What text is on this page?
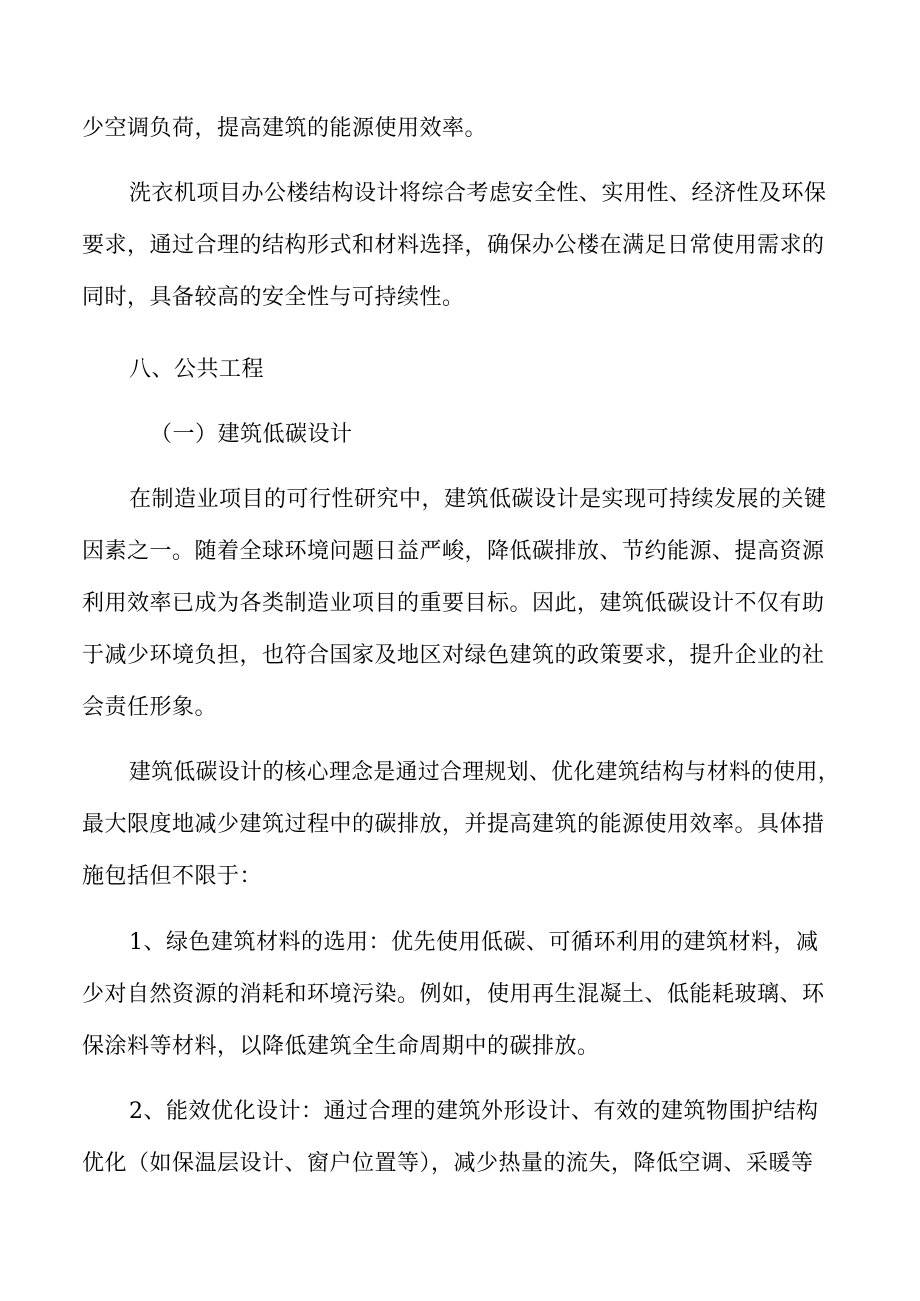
少空调负荷，提高建筑的能源使用效率。
洗衣机项目办公楼结构设计将综合考虑安全性、实用性、经济性及环保
要求，通过合理的结构形式和材料选择，确保办公楼在满足日常使用需求的
同时，具备较高的安全性与可持续性。
八、公共工程
（一）建筑低碳设计
在制造业项目的可行性研究中，建筑低碳设计是实现可持续发展的关键
因素之一。随着全球环境问题日益严峻，降低碳排放、节约能源、提高资源
利用效率已成为各类制造业项目的重要目标。因此，建筑低碳设计不仅有助
于减少环境负担，也符合国家及地区对绿色建筑的政策要求，提升企业的社
会责任形象。
建筑低碳设计的核心理念是通过合理规划、优化建筑结构与材料的使用，
最大限度地减少建筑过程中的碳排放，并提高建筑的能源使用效率。具体措
施包括但不限于：
1、绿色建筑材料的选用：优先使用低碳、可循环利用的建筑材料，减
少对自然资源的消耗和环境污染。例如，使用再生混凝土、低能耗玻璃、环
保涂料等材料，以降低建筑全生命周期中的碳排放。
2、能效优化设计：通过合理的建筑外形设计、有效的建筑物围护结构
优化（如保温层设计、窗户位置等），减少热量的流失，降低空调、采暖等
